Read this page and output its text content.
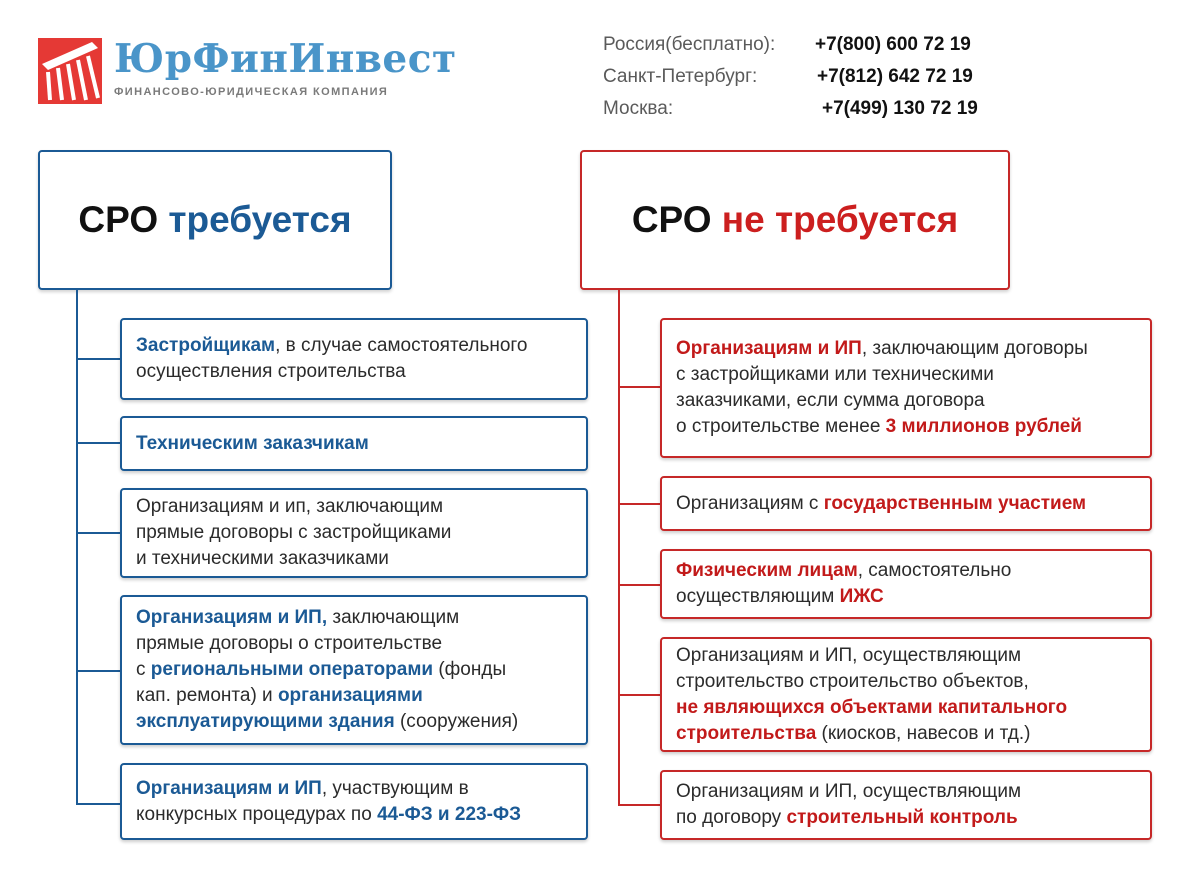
ЮрФинИнвест
ФИНАНСОВО-ЮРИДИЧЕСКАЯ КОМПАНИЯ
Россия(бесплатно): +7(800) 600 72 19
Санкт-Петербург:	+7(812) 642 72 19
Москва:	+7(499) 130 72 19
СРО
требуется	СРО
не требуется
Застройщикам, в случае самостоятельного
осуществления строительства
Техническим заказчикам
Организациям и ип, заключающим
прямые договоры с застройщиками
и техническими заказчиками
Организациям и ИП, заключающим
прямые договоры о строительстве
с региональными операторами (фонды
кап. ремонта) и организациями
эксплуатирующими здания (сооружения)
Организациям и ИП, участвующим в
конкурсных процедурах по 44-ФЗ и 223-ФЗ
Организациям и ИП, заключающим договоры
с застройщиками или техническими
заказчиками, если сумма договора
о строительстве менее 3 миллионов рублей
Организациям с государственным участием
Физическим лицам, самостоятельно
осуществляющим ИЖС
Организациям и ИП, осуществляющим
строительство строительство объектов,
не являющихся объектами капитального
строительства (киосков, навесов и тд.)
Организациям и ИП, осуществляющим
по договору строительный контроль
